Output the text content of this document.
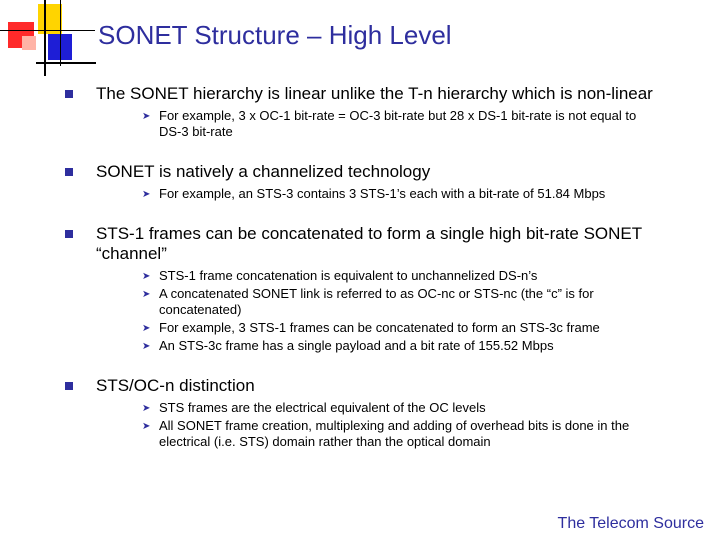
SONET Structure – High Level
The SONET hierarchy is linear unlike the T-n hierarchy which is non-linear
➤ For example, 3 x OC-1 bit-rate = OC-3 bit-rate but 28 x DS-1 bit-rate is not equal to DS-3 bit-rate
SONET is natively a channelized technology
➤ For example, an STS-3 contains 3 STS-1’s each with a bit-rate of 51.84 Mbps
STS-1 frames can be concatenated to form a single high bit-rate SONET “channel”
➤ STS-1 frame concatenation is equivalent to unchannelized DS-n’s
➤ A concatenated SONET link is referred to as OC-nc or STS-nc (the “c” is for concatenated)
➤ For example, 3 STS-1 frames can be concatenated to form an STS-3c frame
➤ An STS-3c frame has a single payload and a bit rate of 155.52 Mbps
STS/OC-n distinction
➤ STS frames are the electrical equivalent of the OC levels
➤ All SONET frame creation, multiplexing and adding of overhead bits is done in the electrical (i.e. STS) domain rather than the optical domain
The Telecom Source
